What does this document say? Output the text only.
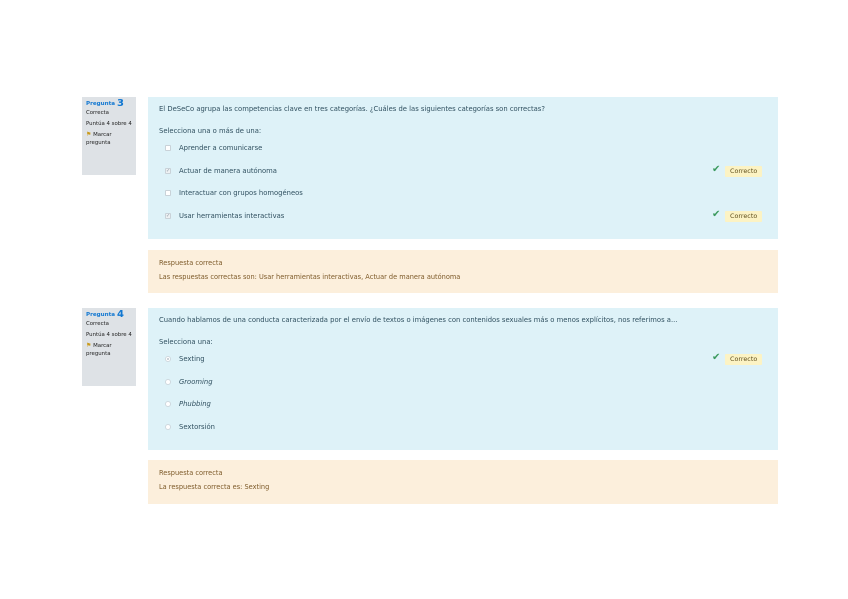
Pregunta 3
Correcta
Puntúa 4 sobre 4
⚑ Marcar pregunta

El DeSeCo agrupa las competencias clave en tres categorías. ¿Cuáles de las siguientes categorías son correctas?

Selecciona una o más de una:

Aprender a comunicarse
✓ Actuar de manera autónoma	✔	Correcto
Interactuar con grupos homogéneos
✓ Usar herramientas interactivas	✔	Correcto
Respuesta correcta
Las respuestas correctas son: Usar herramientas interactivas, Actuar de manera autónoma
Pregunta 4
Correcta
Puntúa 4 sobre 4
⚑ Marcar pregunta

Cuando hablamos de una conducta caracterizada por el envío de textos o imágenes con contenidos sexuales más o menos explícitos, nos referimos a...

Selecciona una:

Sexting	✔	Correcto
Grooming
Phubbing
Sextorsión
Respuesta correcta
La respuesta correcta es: Sexting
